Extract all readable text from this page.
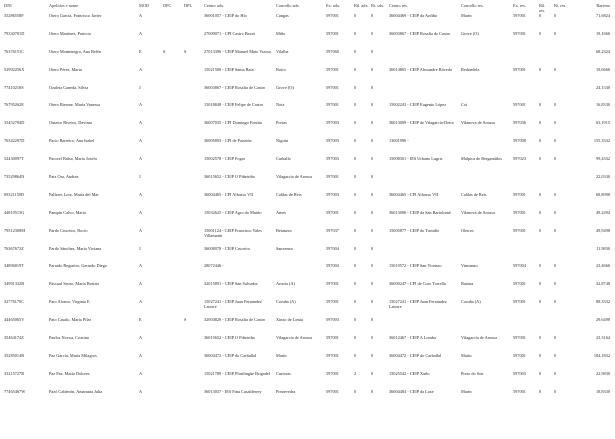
DNI	Apelidos e nome	MOD	DPC	DPL	Centro adx.	Concello adx.	Ex. adx.	Bil. adx.	Bi. sdx.	Centro res.	Concello res.	Ex. res.	Bil. res.	Bi. res.	Baremo
35286558F	Otero García, Francisco Javier	A			36001057 - CEIP do Hío	Cangas	597001	0	0	36004469 - CEIP da Ardiña	Marín	597001	0	0	71,6824
79330781D	Otero Martínez, Patricia	A			27009071 - CPI Castro Baxoi	Miño	597001	0	0	36003867 - CEIP Rosalía de Castro	Grove (O)	597001	0	0	19,1666
76376151C	Otero Montenegro, Ana Belén	E	S	S	27013396 - CEIP Manuel Mato Vizoso	Vilalba	597060	0	0						68,2324
52992256X	Otero Pérez, Marta	A			15021500 - CEIP Santa Baia	Boiro	597001	0	0	36014865 - CEIP Alexandre Bóveda	Redondela	597001	0	0	19,6666
77410218S	Ozaleta Caneda, Silvia	J			36003867 - CEIP Rosalía de Castro	Grove (O)	597001	0	0						24,1330
76795262E	Otero Biesme, María Vanessa	A			15018848 - CEIP Felipe de Castro	Noia	597001	0	0	15002243 - CEIP Eugenio López	Coi	597001	0	0	16,8330
35452784D	Outeiro Riveiro, Davinia	A			36007035 - CPI Domingo Fontán	Portas	597003	0	0	36013009 - CEIP de Vilagarcía-Deiro	Vilanova de Arousa	597036	0	0	63,1915
76342297D	Pacio Barreiro, Ana Isabel	A			36005803 - CPI de Pazoión	Nigrán	597003	0	0	13001996 -		597008	0	0	155,3332
52430097T	Pacorel Balsa, María Josefa	A			15002578 - CEIP Fogar	Carballo	597003	0	0	15008301 - IES Urbano Lugris	Malpica de Bergantiños	597023	0	0	99,4332
73529864N	Paiz Ora, Andrea	J			36015652 - CEIP O Piñeiriño	Vilagarcía de Arousa	597001	0	0						22,0330
09321150D	Pallares Lorz, María del Mar	A			36004465 - CPI Alfonso VII	Caldas de Reis	597003	0	0	36004465 - CPI Alfonso VII	Caldas de Reis	597001	0	0	68,8998
44810513G	Pampín Calvo, María	A			15032625 - CEIP Agro do Muiño	Ames	597001	0	0	36013006 - CEIP da San Bartolomé	Vilanova de Arousa	597001	0	0	49,2494
79512308M	Pardo Cruceiro, Rocío	A			15001124 - CEIP Francisco Vales Villamarín	Betanzos	597037	0	0	15005877 - CEIP do Trimiño	Oleiros	597001	0	0	49,9498
76367673Z	Pardo Sánchez, María Viviana	J			36008078 - CEIP Cruceiro	Sanxenxo	597004	0	0						11,9830
34896819T	Parrado Regueiro, Gerardo Diego	A			28072446 -		597004	0	0	15019572 - CEIP San Vicenzo	Vimianzo	597004	0	0	23,4666
34991332B	Pascual Seoro, María Beatriz	A			32015891 - CEIP San Salvador	Arnoia (A)	597001	0	0	36000247 - CPI de Coro Torrella	Baiona	597001	0	0	32,8748
32776170C	Pato Alonso, Virginia E.	A			15027241 - CEIP Juan Fernández Latorre	Coruña (A)	597001	0	0	15027241 - CEIP Juan Fernández Latorre	Coruña (A)	597001	0	0	88,3332
44465065V	Pato Casalo, María Pilar	E		S	32004820 - CEIP Rosalía de Castro	Xinzo de Limia	597003	0	0						29,6498
35464174Z	Paulos Novoa, Cristina	A			36015652 - CEIP O Piñeiriño	Vilagarcía de Arousa	597001	0	0	36012467 - CEIP A Lomba	Vilagarcía de Arousa	597001	0	0	23,3164
35285014R	Paz García, María Milagros	A			36004472 - CEIP do Carballal	Marín	597001	0	0	36004472 - CEIP do Carballal	Marín	597001	0	0	184,1832
33215727R	Paz Paz, María Dolores	A			15021789 - CEIP Plurilingüe Brigadel	Curtoras	597001	2	0	15025542 - CEIP Xuño	Porto do Son	597003	0	0	22,9830
77465467W	Pazó Calderón, Amaranta Julia	A			36013037 - IES Fina Casalderrey	Pontevedra	597001	0	0	36004484 - CEIP da Laxe	Marín	597001	0	0	18,8330
